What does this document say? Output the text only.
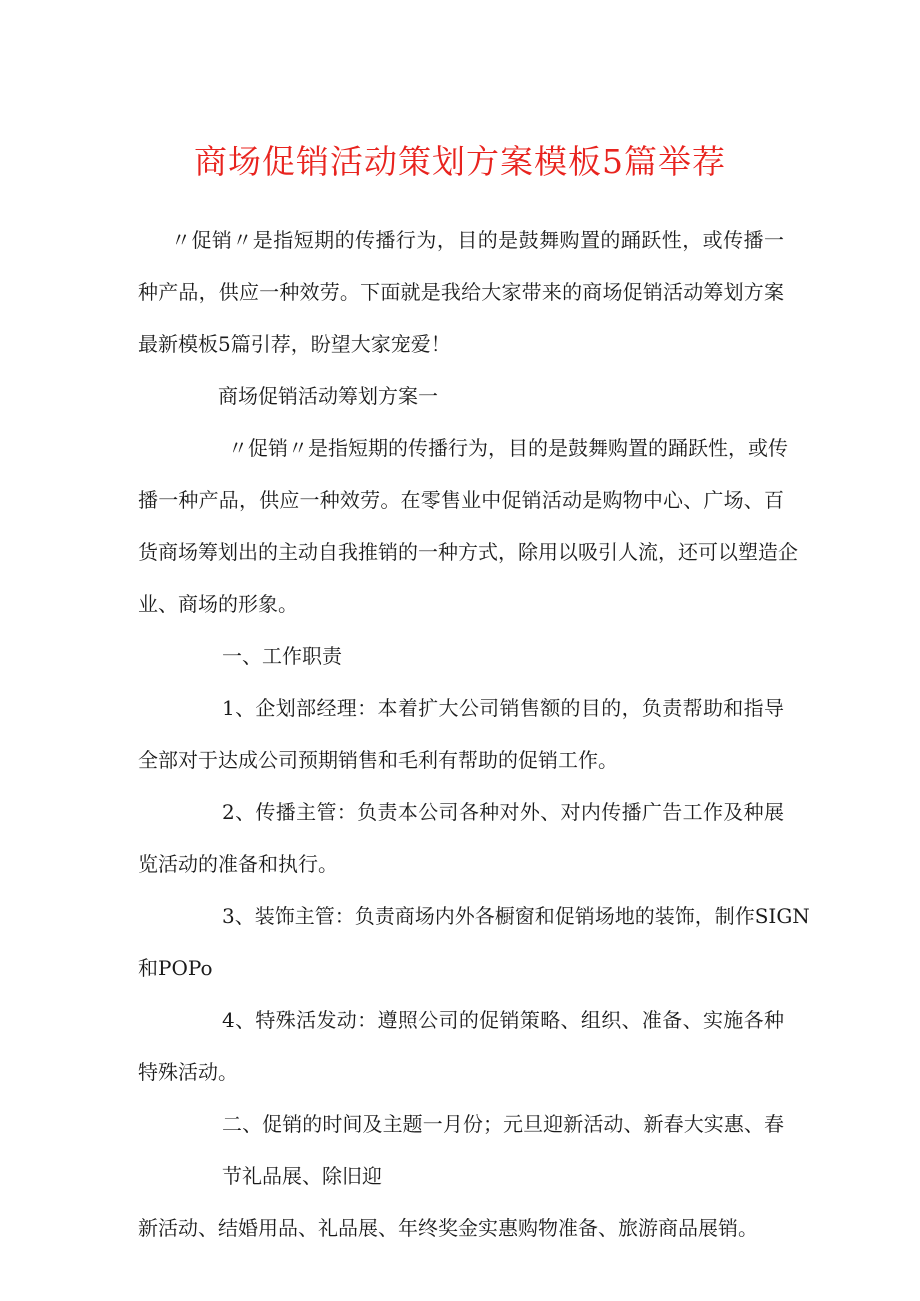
商场促销活动策划方案模板5篇举荐

〃促销〃是指短期的传播行为，目的是鼓舞购置的踊跃性，或传播一

种产品，供应一种效劳。下面就是我给大家带来的商场促销活动筹划方案

最新模板5篇引荐，盼望大家宠爱！

商场促销活动筹划方案一

〃促销〃是指短期的传播行为，目的是鼓舞购置的踊跃性，或传

播一种产品，供应一种效劳。在零售业中促销活动是购物中心、广场、百

货商场筹划出的主动自我推销的一种方式，除用以吸引人流，还可以塑造企

业、商场的形象。

一、工作职责

1、企划部经理：本着扩大公司销售额的目的，负责帮助和指导

全部对于达成公司预期销售和毛利有帮助的促销工作。

2、传播主管：负责本公司各种对外、对内传播广告工作及种展

览活动的准备和执行。

3、装饰主管：负责商场内外各橱窗和促销场地的装饰，制作SIGN

和POPo

4、特殊活发动：遵照公司的促销策略、组织、准备、实施各种

特殊活动。

二、促销的时间及主题一月份；元旦迎新活动、新春大实惠、春

节礼品展、除旧迎

新活动、结婚用品、礼品展、年终奖金实惠购物准备、旅游商品展销。
